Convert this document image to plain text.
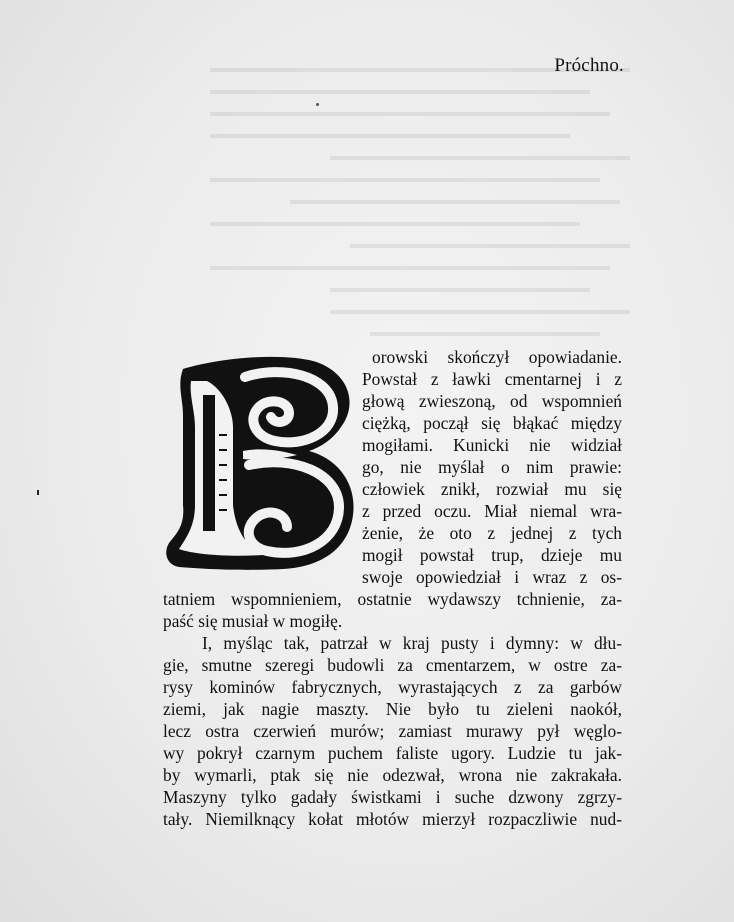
Próchno.
orowski skończył opowiadanie.
Powstał z ławki cmentarnej i z
głową zwieszoną, od wspomnień
ciężką, począł się błąkać między
mogiłami. Kunicki nie widział
go, nie myślał o nim prawie:
człowiek znikł, rozwiał mu się
z przed oczu. Miał niemal wra-
żenie, że oto z jednej z tych
mogił powstał trup, dzieje mu
swoje opowiedział i wraz z os-
tatniem wspomnieniem, ostatnie wydawszy tchnienie, za-
paść się musiał w mogiłę.
I, myśląc tak, patrzał w kraj pusty i dymny: w dłu-
gie, smutne szeregi budowli za cmentarzem, w ostre za-
rysy kominów fabrycznych, wyrastających z za garbów
ziemi, jak nagie maszty. Nie było tu zieleni naokół,
lecz ostra czerwień murów; zamiast murawy pył węglo-
wy pokrył czarnym puchem faliste ugory. Ludzie tu jak-
by wymarli, ptak się nie odezwał, wrona nie zakrakała.
Maszyny tylko gadały świstkami i suche dzwony zgrzy-
tały. Niemilknący kołat młotów mierzył rozpaczliwie nud-
